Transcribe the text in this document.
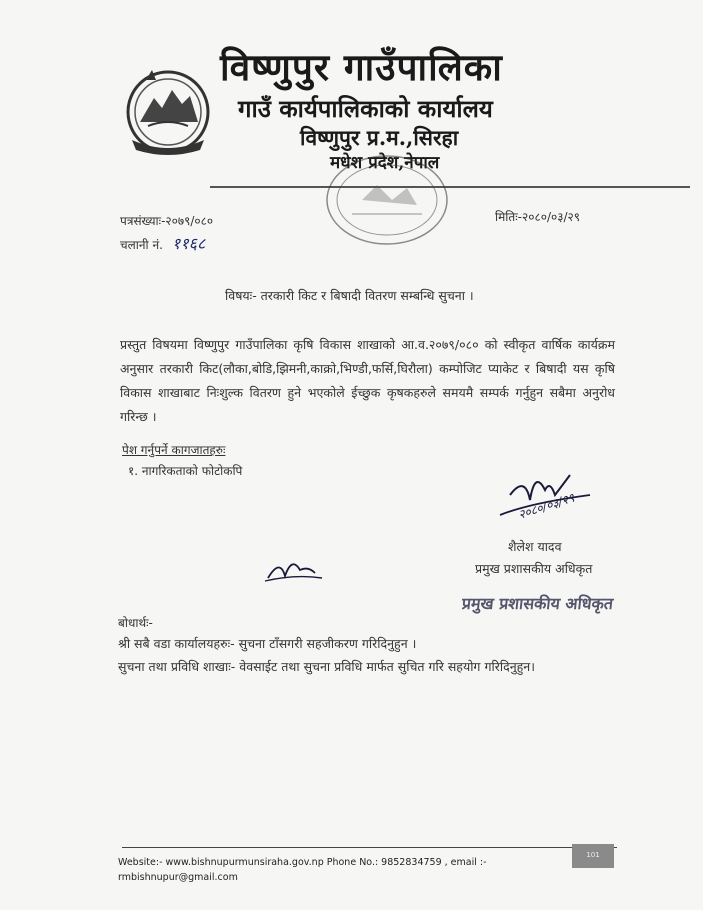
विष्णुपुर गाउँपालिका
गाउँ कार्यपालिकाको कार्यालय
विष्णुपुर प्र.म.,सिरहा
मधेश प्रदेश,नेपाल
पत्रसंख्याः-२०७९/०८०	मितिः-२०८०/०३/२९
चलानी नं. ११६८
विषयः- तरकारी किट र बिषादी वितरण सम्बन्धि सुचना ।
प्रस्तुत विषयमा विष्णुपुर गाउँपालिका कृषि विकास शाखाको आ.व.२०७९/०८० को स्वीकृत वार्षिक कार्यक्रम अनुसार तरकारी किट(लौका,बोडि,झिमनी,काक्रो,भिण्डी,फर्सि,घिरौला) कम्पोजिट प्याकेट र बिषादी यस कृषि विकास शाखाबाट निःशुल्क वितरण हुने भएकोले ईच्छुक कृषकहरुले समयमै सम्पर्क गर्नुहुन सबैमा अनुरोध गरिन्छ ।
पेश गर्नुपर्ने कागजातहरुः
१. नागरिकताको फोटोकपि
२०८०/०३/२९
शैलेश यादव
प्रमुख प्रशासकीय अधिकृत
प्रमुख प्रशासकीय अधिकृत
बोधार्थः-
श्री सबै वडा कार्यालयहरुः- सुचना टाँसगरी सहजीकरण गरिदिनुहुन ।
सुचना तथा प्रविधि शाखाः- वेवसाईट तथा सुचना प्रविधि मार्फत सुचित गरि सहयोग गरिदिनुहुन।
Website:- www.bishnupurmunsiraha.gov.np Phone No.: 9852834759 , email :- rmbishnupur@gmail.com
101
